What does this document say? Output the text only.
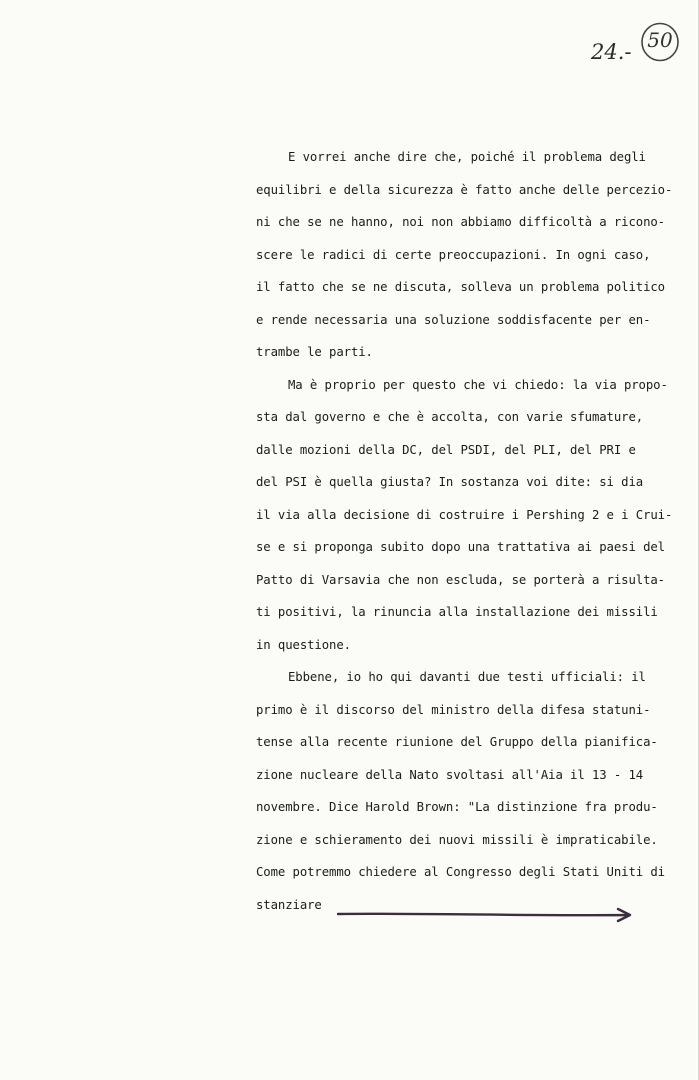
24.- 50
E vorrei anche dire che, poiché il problema degli
equilibri e della sicurezza è fatto anche delle perceziо-
ni che se ne hanno, noi non abbiamo difficoltà a ricono-
scere le radici di certe preoccupazioni. In ogni caso,
il fatto che se ne discuta, solleva un problema politico
e rende necessaria una soluzione soddisfacente per en-
trambe le parti.
Ma è proprio per questo che vi chiedo: la via propo-
sta dal governo e che è accolta, con varie sfumature,
dalle mozioni della DC, del PSDI, del PLI, del PRI e
del PSI è quella giusta? In sostanza voi dite: si dia
il via alla decisione di costruire i Pershing 2 e i Crui-
se e si proponga subito dopo una trattativa ai paesi del
Patto di Varsavia che non escluda, se porterà a risulta-
ti positivi, la rinuncia alla installazione dei missili
in questione.
Ebbene, io ho qui davanti due testi ufficiali: il
primo è il discorso del ministro della difesa statuni-
tense alla recente riunione del Gruppo della pianifica-
zione nucleare della Nato svoltasi all'Aia il 13 - 14
novembre. Dice Harold Brown: "La distinzione fra produ-
zione e schieramento dei nuovi missili è impraticabile.
Come potremmo chiedere al Congresso degli Stati Uniti di
stanziare
